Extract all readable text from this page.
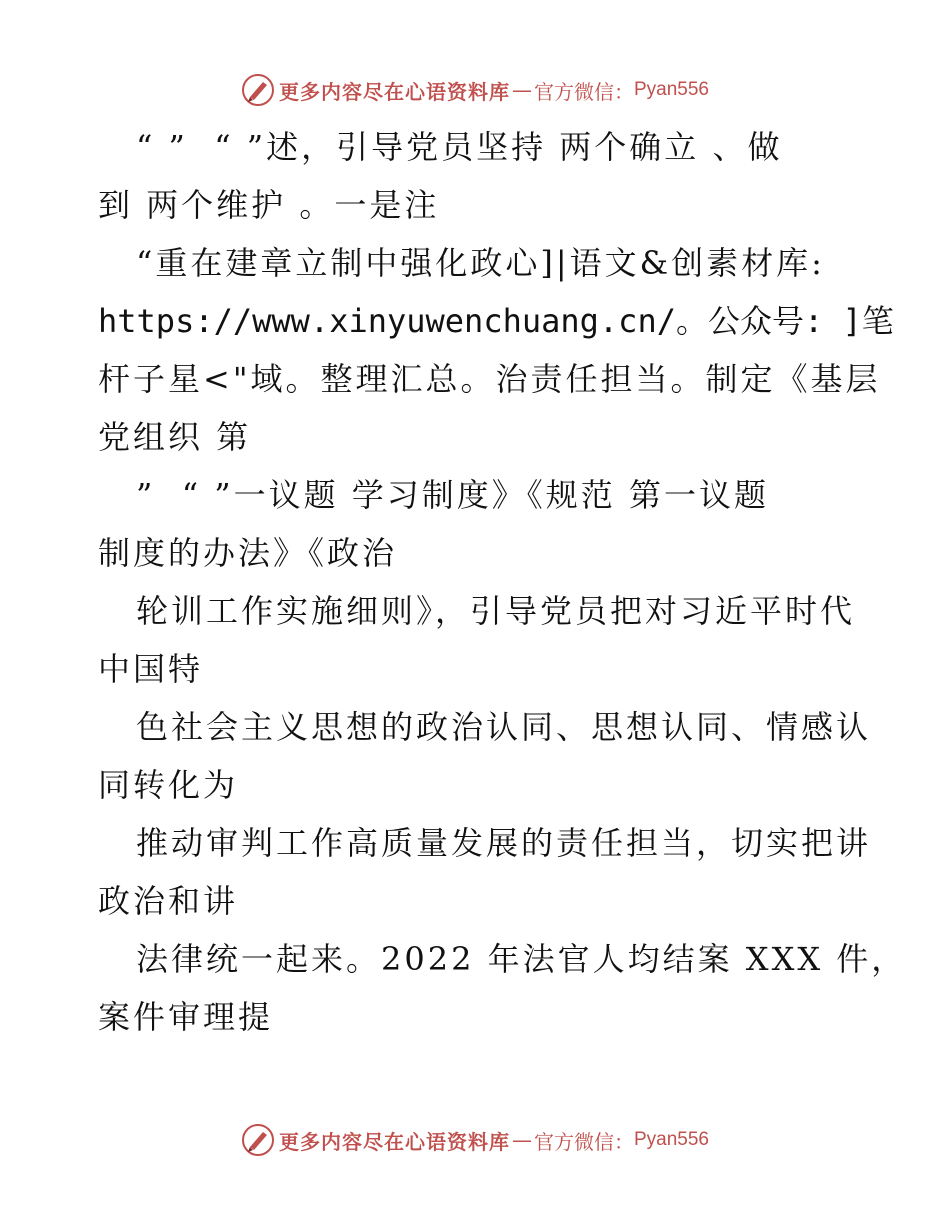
更多内容尽在心语资料库 — 官方微信 ： Pyan556
“ ”  “ ”述，引导党员坚持 两个确立 、做
到 两个维护 。一是注
“重在建章立制中强化政心]|语文&创素材库:
https://www.xinyuwenchuang.cn/。公众号: ]笔
杆子星<"域。整理汇总。治责任担当。制定《基层
党组织 第
”  “ ”一议题 学习制度》《规范 第一议题
制度的办法》《政治
轮训工作实施细则》，引导党员把对习近平时代
中国特
色社会主义思想的政治认同、思想认同、情感认
同转化为
推动审判工作高质量发展的责任担当，切实把讲
政治和讲
法律统一起来。2022 年法官人均结案 XXX 件，
案件审理提
更多内容尽在心语资料库 — 官方微信 ： Pyan556
